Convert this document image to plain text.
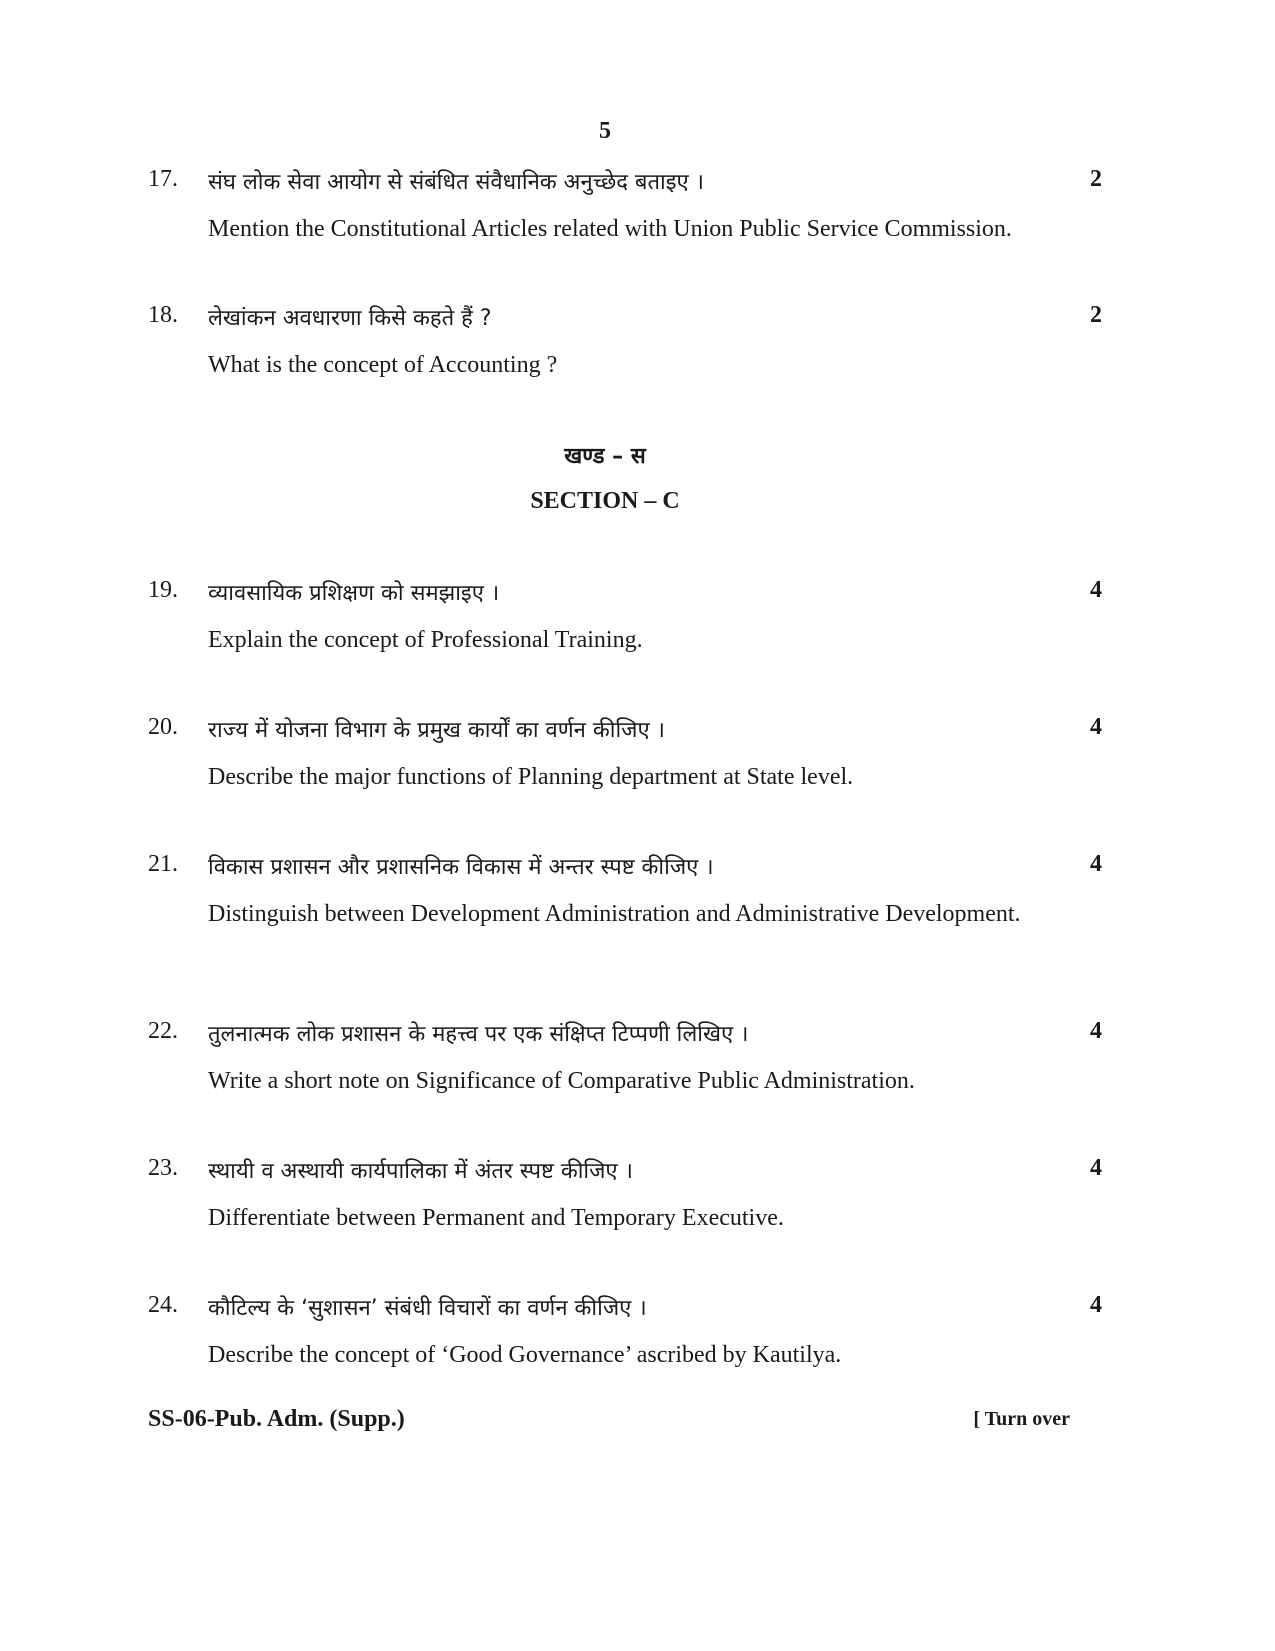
5
17. संघ लोक सेवा आयोग से संबंधित संवैधानिक अनुच्छेद बताइए ।	2
Mention the Constitutional Articles related with Union Public Service Commission.
18. लेखांकन अवधारणा किसे कहते हैं ?	2
What is the concept of Accounting ?
खण्ड – स
SECTION – C
19. व्यावसायिक प्रशिक्षण को समझाइए ।	4
Explain the concept of Professional Training.
20. राज्य में योजना विभाग के प्रमुख कार्यों का वर्णन कीजिए ।	4
Describe the major functions of Planning department at State level.
21. विकास प्रशासन और प्रशासनिक विकास में अन्तर स्पष्ट कीजिए ।	4
Distinguish between Development Administration and Administrative Development.
22. तुलनात्मक लोक प्रशासन के महत्त्व पर एक संक्षिप्त टिप्पणी लिखिए ।	4
Write a short note on Significance of Comparative Public Administration.
23. स्थायी व अस्थायी कार्यपालिका में अंतर स्पष्ट कीजिए ।	4
Differentiate between Permanent and Temporary Executive.
24. कौटिल्य के ‘सुशासन’ संबंधी विचारों का वर्णन कीजिए ।	4
Describe the concept of ‘Good Governance’ ascribed by Kautilya.
SS-06-Pub. Adm. (Supp.)	[ Turn over
